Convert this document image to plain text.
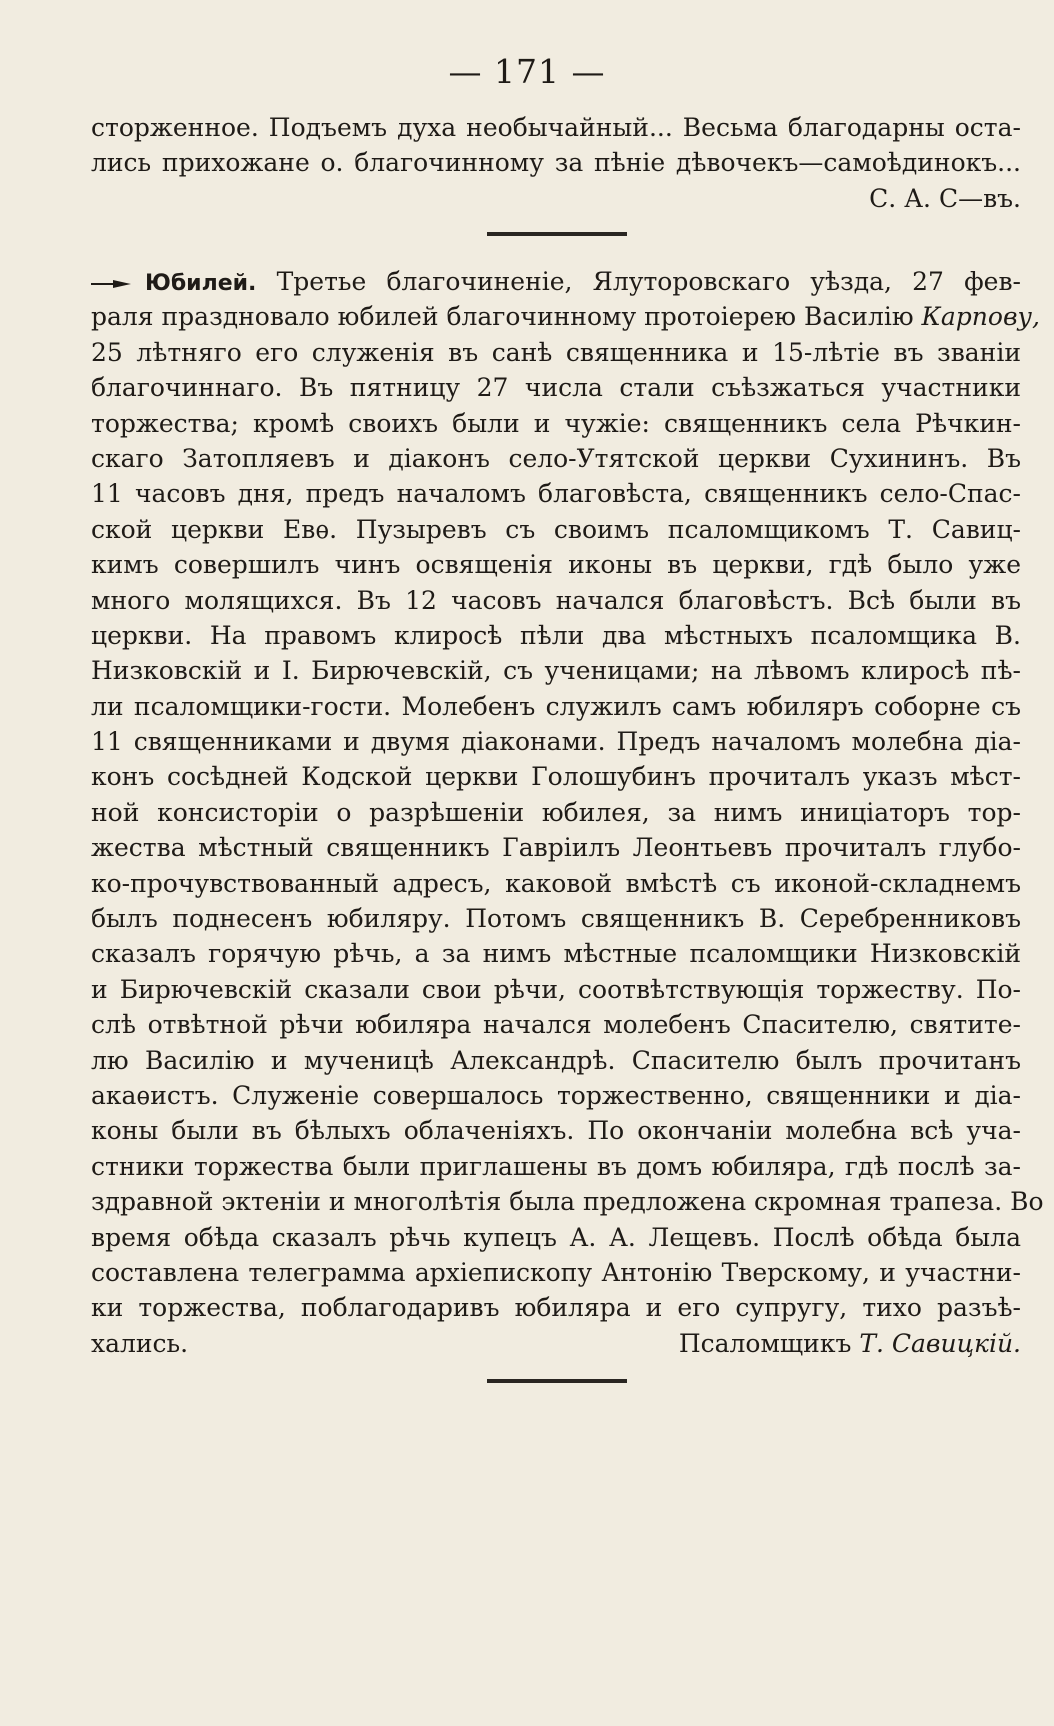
— 171 —
сторженное. Подъемъ духа необычайный... Весьма благодарны оста-
лись прихожане о. благочинному за пѣніе дѣвочекъ—самоѣдинокъ...
С. А. С—въ.
Юбилей. Третье благочиненіе, Ялуторовскаго уѣзда, 27 фев-
раля праздновало юбилей благочинному протоіерею Василію Карпову,
25 лѣтняго его служенія въ санѣ священника и 15-лѣтіе въ званіи
благочиннаго. Въ пятницу 27 числа стали съѣзжаться участники
торжества; кромѣ своихъ были и чужіе: священникъ села Рѣчкин-
скаго Затопляевъ и діаконъ село-Утятской церкви Сухининъ. Въ
11 часовъ дня, предъ началомъ благовѣста, священникъ село-Спас-
ской церкви Евѳ. Пузыревъ съ своимъ псаломщикомъ Т. Савиц-
кимъ совершилъ чинъ освященія иконы въ церкви, гдѣ было уже
много молящихся. Въ 12 часовъ начался благовѣстъ. Всѣ были въ
церкви. На правомъ клиросѣ пѣли два мѣстныхъ псаломщика В.
Низковскій и І. Бирючевскій, съ ученицами; на лѣвомъ клиросѣ пѣ-
ли псаломщики-гости. Молебенъ служилъ самъ юбиляръ соборне съ
11 священниками и двумя діаконами. Предъ началомъ молебна діа-
конъ сосѣдней Кодской церкви Голошубинъ прочиталъ указъ мѣст-
ной консисторіи о разрѣшеніи юбилея, за нимъ иниціаторъ тор-
жества мѣстный священникъ Гавріилъ Леонтьевъ прочиталъ глубо-
ко-прочувствованный адресъ, каковой вмѣстѣ съ иконой-складнемъ
былъ поднесенъ юбиляру. Потомъ священникъ В. Серебренниковъ
сказалъ горячую рѣчь, а за нимъ мѣстные псаломщики Низковскій
и Бирючевскій сказали свои рѣчи, соотвѣтствующія торжеству. По-
слѣ отвѣтной рѣчи юбиляра начался молебенъ Спасителю, святите-
лю Василію и мученицѣ Александрѣ. Спасителю былъ прочитанъ
акаѳистъ. Служеніе совершалось торжественно, священники и діа-
коны были въ бѣлыхъ облаченіяхъ. По окончаніи молебна всѣ уча-
стники торжества были приглашены въ домъ юбиляра, гдѣ послѣ за-
здравной эктеніи и многолѣтія была предложена скромная трапеза. Во
время обѣда сказалъ рѣчь купецъ А. А. Лещевъ. Послѣ обѣда была
составлена телеграмма архіепископу Антонію Тверскому, и участни-
ки торжества, поблагодаривъ юбиляра и его супругу, тихо разъѣ-
хались.	Псаломщикъ Т. Савицкій.
